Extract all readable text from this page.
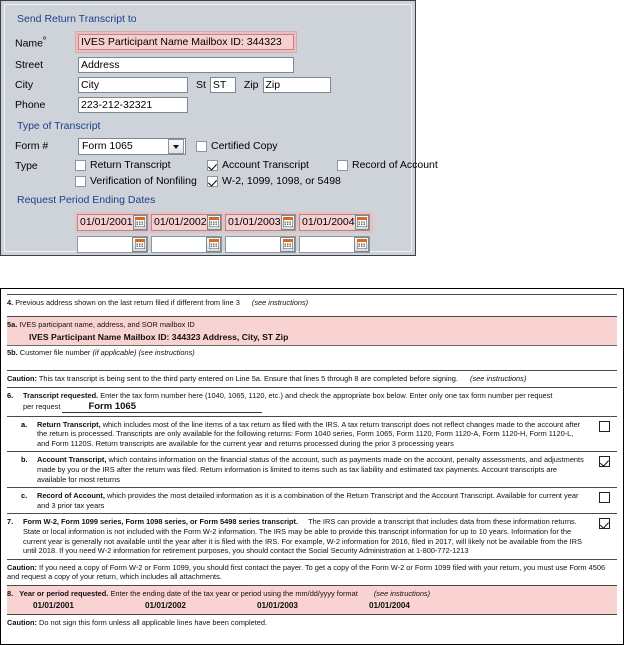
Send Return Transcript to
Name$^º$	IVES Participant Name Mailbox ID: 344323
Street	Address
City	City	St ST	Zip Zip
Phone	223-212-32321
Type of Transcript
Form #	Form 1065	Certified Copy
Type	Return Transcript	Account Transcript	Record of Account
Verification of Nonfiling W-2, 1099, 1098, or 5498
Request Period Ending Dates
01/01/2001 01/01/2002 01/01/2003 01/01/2004
4. Previous address shown on the last return filed if different from line 3 (see instructions)
5a. IVES participant name, address, and SOR mailbox ID
IVES Participant Name Mailbox ID: 344323 Address, City, ST Zip
5b. Customer file number (if applicable) (see instructions)
Caution: This tax transcript is being sent to the third party entered on Line 5a. Ensure that lines 5 through 8 are completed before signing. (see instructions)
6.	Transcript requested. Enter the tax form number here (1040, 1065, 1120, etc.) and check the appropriate box below. Enter only one tax form number per request
per request	Form 1065
a.	Return Transcript, which includes most of the line items of a tax return as filed with the IRS. A tax return transcript does not reflect changes made to the account after the return is processed. Transcripts are only available for the following returns: Form 1040 series, Form 1065, Form 1120, Form 1120-A, Form 1120-H, Form 1120-L, and Form 1120S. Return transcripts are available for the current year and returns processed during the prior 3 processing years
b.	Account Transcript, which contains information on the financial status of the account, such as payments made on the account, penalty assessments, and adjustments made by you or the IRS after the return was filed. Return information is limited to items such as tax liability and estimated tax payments. Account transcripts are available for most returns
c.	Record of Account, which provides the most detailed information as it is a combination of the Return Transcript and the Account Transcript. Available for current year and 3 prior tax years
7.	Form W-2, Form 1099 series, Form 1098 series, or Form 5498 series transcript. The IRS can provide a transcript that includes data from these information returns. State or local information is not included with the Form W-2 information. The IRS may be able to provide this transcript information for up to 10 years. Information for the current year is generally not available until the year after it is filed with the IRS. For example, W-2 information for 2016, filed in 2017, will likely not be available from the IRS until 2018. If you need W-2 information for retirement purposes, you should contact the Social Security Administration at 1-800-772-1213
Caution: If you need a copy of Form W-2 or Form 1099, you should first contact the payer. To get a copy of the Form W-2 or Form 1099 filed with your return, you must use Form 4506 and request a copy of your return, which includes all attachments.
8. Year or period requested. Enter the ending date of the tax year or period using the mm/dd/yyyy format (see instructions)
01/01/2001	01/01/2002	01/01/2003	01/01/2004
Caution: Do not sign this form unless all applicable lines have been completed.
